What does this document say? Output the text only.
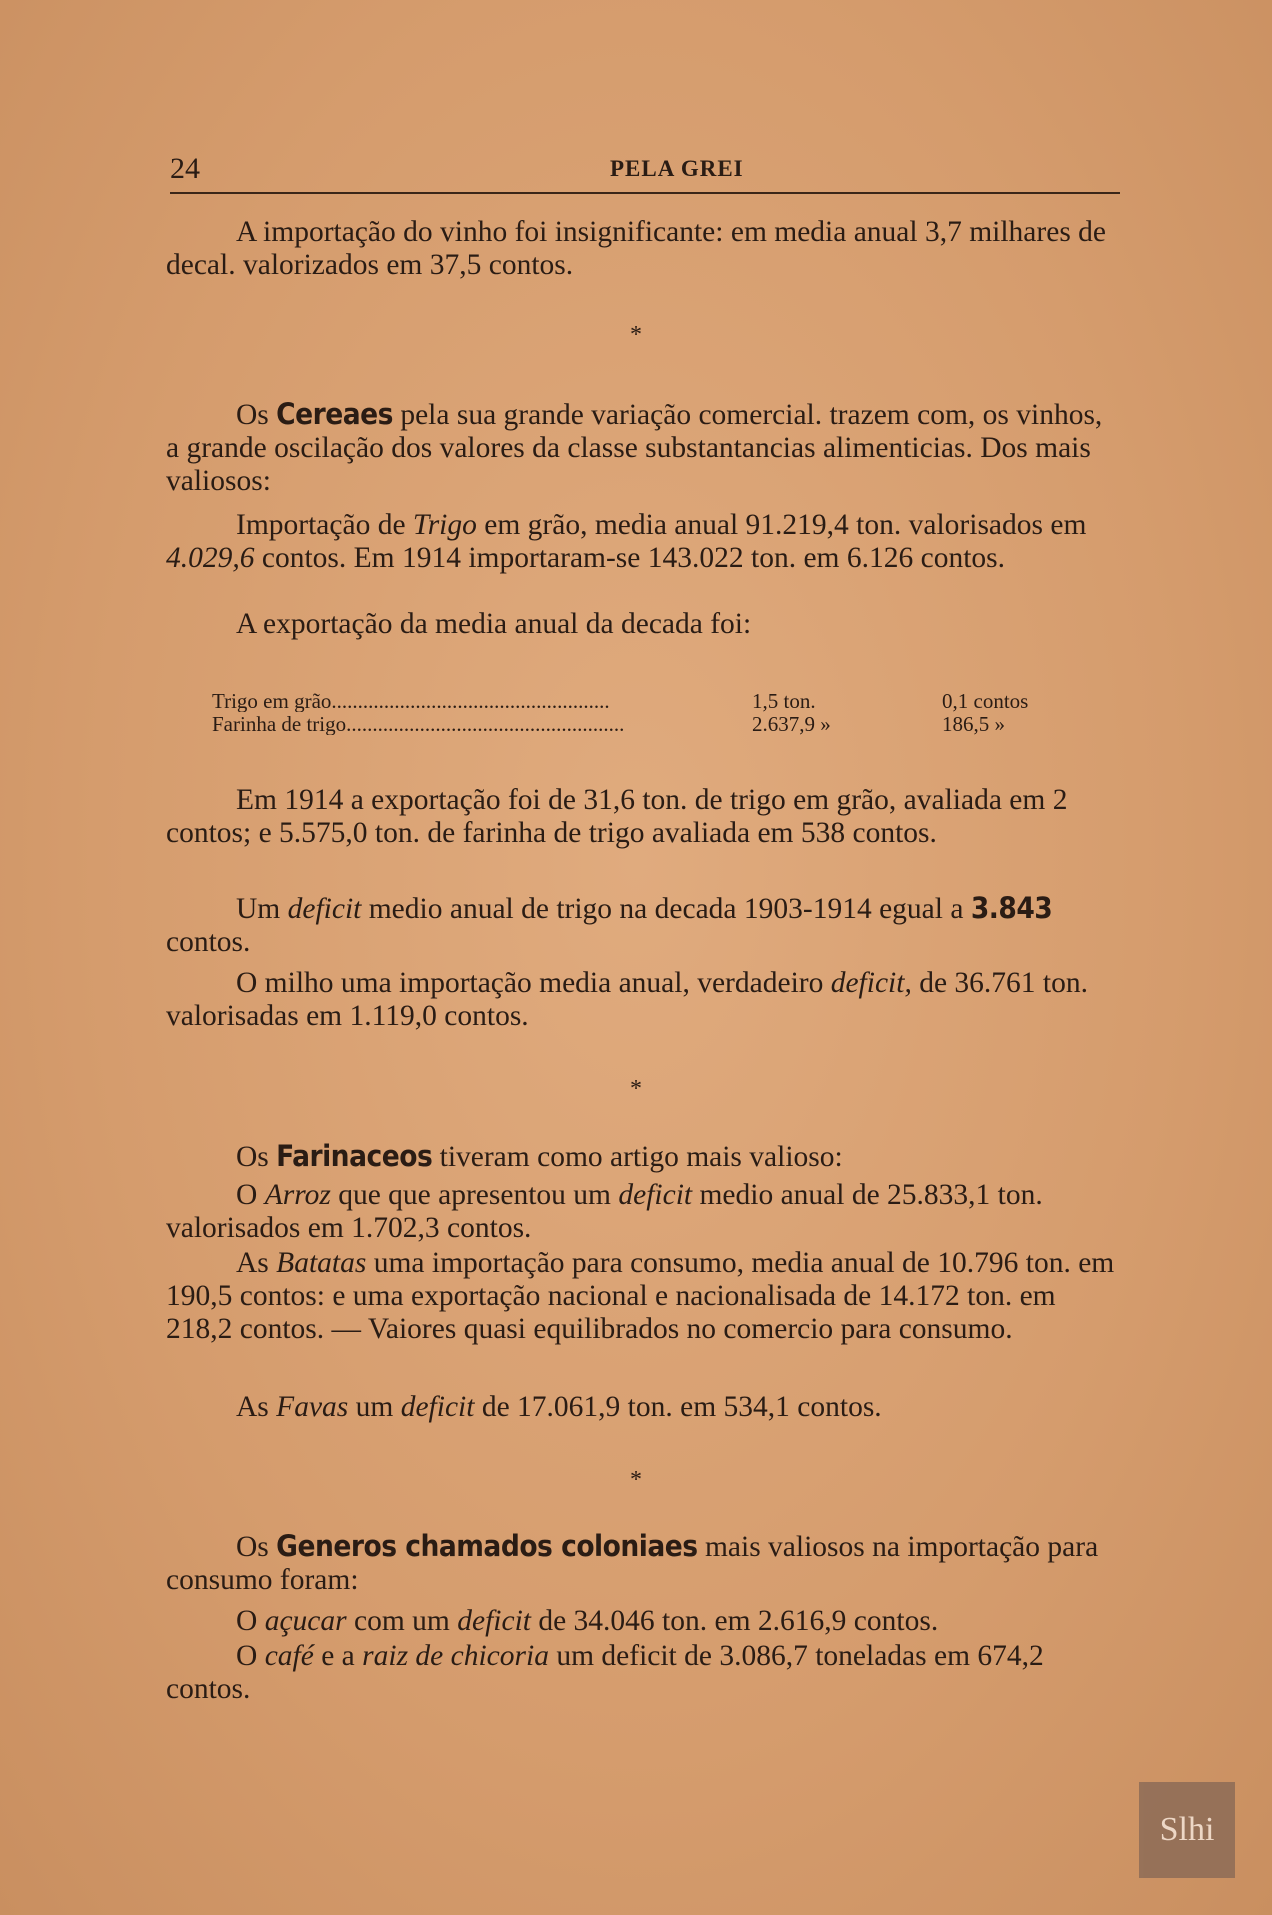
24	PELA GREI

A importação do vinho foi insignificante: em media anual 3,7 milhares de decal. valorizados em 37,5 contos.

*

Os Cereaes pela sua grande variação comercial. trazem com, os vinhos, a grande oscilação dos valores da classe substantancias alimenticias. Dos mais valiosos:

Importação de Trigo em grão, media anual 91.219,4 ton. valorisados em 4.029,6 contos. Em 1914 importaram-se 143.022 ton. em 6.126 contos.

A exportação da media anual da decada foi:

Trigo em grão.....................................................	1,5 ton.	0,1 contos
Farinha de trigo.....................................................	2.637,9 »	186,5 »

Em 1914 a exportação foi de 31,6 ton. de trigo em grão, avaliada em 2 contos; e 5.575,0 ton. de farinha de trigo avaliada em 538 contos.

Um deficit medio anual de trigo na decada 1903-1914 egual a 3.843 contos.

O milho uma importação media anual, verdadeiro deficit, de 36.761 ton. valorisadas em 1.119,0 contos.

*

Os Farinaceos tiveram como artigo mais valioso:

O Arroz que que apresentou um deficit medio anual de 25.833,1 ton. valorisados em 1.702,3 contos.

As Batatas uma importação para consumo, media anual de 10.796 ton. em 190,5 contos: e uma exportação nacional e nacionalisada de 14.172 ton. em 218,2 contos. — Vaiores quasi equilibrados no comercio para consumo.

As Favas um deficit de 17.061,9 ton. em 534,1 contos.

*

Os Generos chamados coloniaes mais valiosos na importação para consumo foram:

O açucar com um deficit de 34.046 ton. em 2.616,9 contos.

O café e a raiz de chicoria um deficit de 3.086,7 toneladas em 674,2 contos.

Slhi
